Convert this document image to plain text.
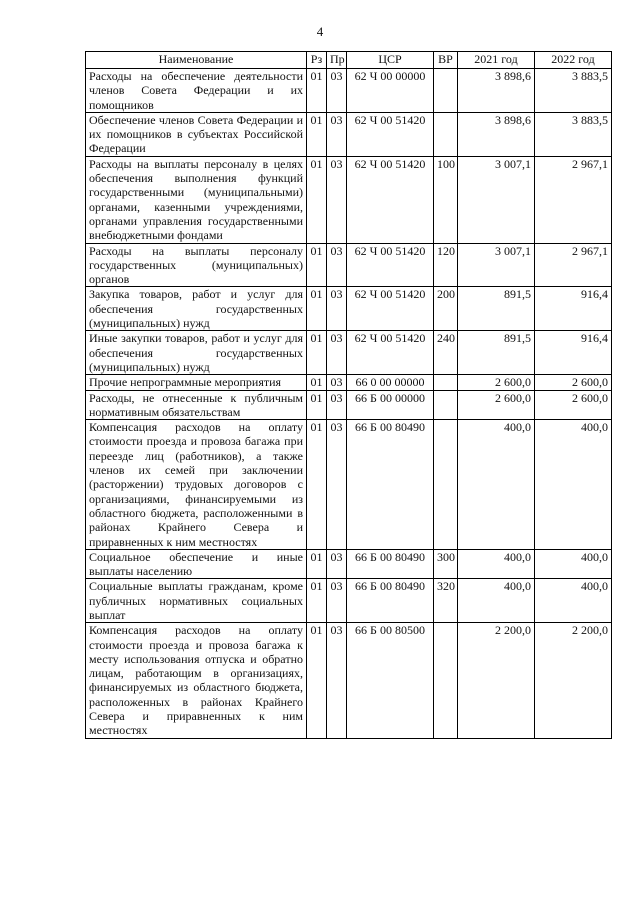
4
Наименование	Рз	Пр	ЦСР	ВР	2021 год	2022 год
Расходы на обеспечение деятельности членов Совета Федерации и их помощников	01	03	62 Ч 00 00000		3 898,6	3 883,5
Обеспечение членов Совета Федерации и их помощников в субъектах Российской Федерации	01	03	62 Ч 00 51420		3 898,6	3 883,5
Расходы на выплаты персоналу в целях обеспечения выполнения функций государственными (муниципальными) органами, казенными учреждениями, органами управления государственными внебюджетными фондами	01	03	62 Ч 00 51420	100	3 007,1	2 967,1
Расходы на выплаты персоналу государственных (муниципальных) органов	01	03	62 Ч 00 51420	120	3 007,1	2 967,1
Закупка товаров, работ и услуг для обеспечения государственных (муниципальных) нужд	01	03	62 Ч 00 51420	200	891,5	916,4
Иные закупки товаров, работ и услуг для обеспечения государственных (муниципальных) нужд	01	03	62 Ч 00 51420	240	891,5	916,4
Прочие непрограммные мероприятия	01	03	66 0 00 00000		2 600,0	2 600,0
Расходы, не отнесенные к публичным нормативным обязательствам	01	03	66 Б 00 00000		2 600,0	2 600,0
Компенсация расходов на оплату стоимости проезда и провоза багажа при переезде лиц (работников), а также членов их семей при заключении (расторжении) трудовых договоров с организациями, финансируемыми из областного бюджета, расположенными в районах Крайнего Севера и приравненных к ним местностях	01	03	66 Б 00 80490		400,0	400,0
Социальное обеспечение и иные выплаты населению	01	03	66 Б 00 80490	300	400,0	400,0
Социальные выплаты гражданам, кроме публичных нормативных социальных выплат	01	03	66 Б 00 80490	320	400,0	400,0
Компенсация расходов на оплату стоимости проезда и провоза багажа к месту использования отпуска и обратно лицам, работающим в организациях, финансируемых из областного бюджета, расположенных в районах Крайнего Севера и приравненных к ним местностях	01	03	66 Б 00 80500		2 200,0	2 200,0
